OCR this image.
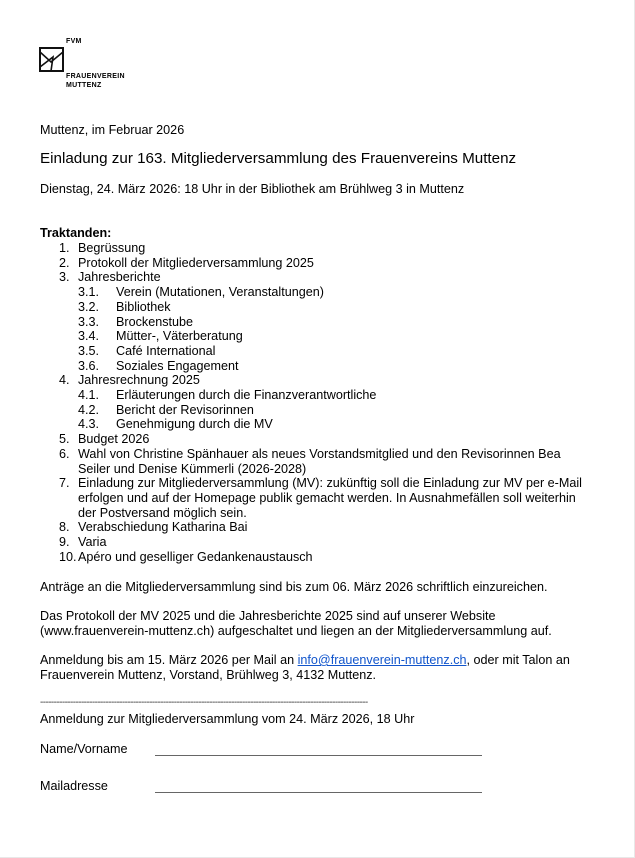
FVM
FRAUENVEREIN
MUTTENZ
Muttenz, im Februar 2026
Einladung zur 163. Mitgliederversammlung des Frauenvereins Muttenz
Dienstag, 24. März 2026: 18 Uhr in der Bibliothek am Brühlweg 3 in Muttenz
Traktanden:
1. Begrüssung
2. Protokoll der Mitgliederversammlung 2025
3. Jahresberichte
3.1. Verein (Mutationen, Veranstaltungen)
3.2. Bibliothek
3.3. Brockenstube
3.4. Mütter-, Väterberatung
3.5. Café International
3.6. Soziales Engagement
4. Jahresrechnung 2025
4.1. Erläuterungen durch die Finanzverantwortliche
4.2. Bericht der Revisorinnen
4.3. Genehmigung durch die MV
5. Budget 2026
6. Wahl von Christine Spänhauer als neues Vorstandsmitglied und den Revisorinnen Bea
Seiler und Denise Kümmerli (2026-2028)
7. Einladung zur Mitgliederversammlung (MV): zukünftig soll die Einladung zur MV per e-Mail
erfolgen und auf der Homepage publik gemacht werden. In Ausnahmefällen soll weiterhin
der Postversand möglich sein.
8. Verabschiedung Katharina Bai
9. Varia
10. Apéro und geselliger Gedankenaustausch
Anträge an die Mitgliederversammlung sind bis zum 06. März 2026 schriftlich einzureichen.
Das Protokoll der MV 2025 und die Jahresberichte 2025 sind auf unserer Website
(www.frauenverein-muttenz.ch) aufgeschaltet und liegen an der Mitgliederversammlung auf.
Anmeldung bis am 15. März 2026 per Mail an info@frauenverein-muttenz.ch, oder mit Talon an
Frauenverein Muttenz, Vorstand, Brühlweg 3, 4132 Muttenz.
------------------------------------------------------------------------------------------------------------------------
Anmeldung zur Mitgliederversammlung vom 24. März 2026, 18 Uhr
Name/Vorname
Mailadresse
